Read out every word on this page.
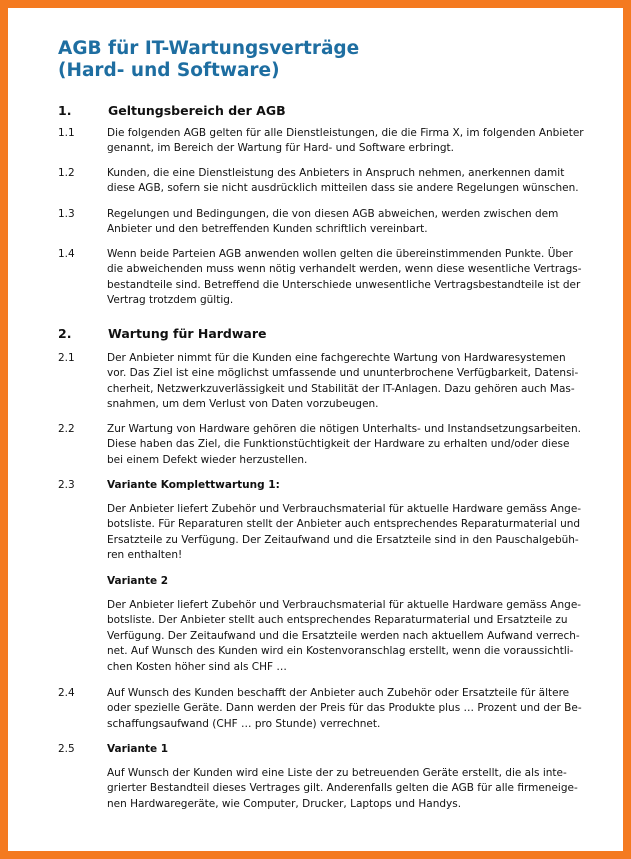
AGB für IT-Wartungsverträge
(Hard- und Software)
1.	Geltungsbereich der AGB
1.1	Die folgenden AGB gelten für alle Dienstleistungen, die die Firma X, im folgenden Anbieter
genannt, im Bereich der Wartung für Hard- und Software erbringt.
1.2	Kunden, die eine Dienstleistung des Anbieters in Anspruch nehmen, anerkennen damit
diese AGB, sofern sie nicht ausdrücklich mitteilen dass sie andere Regelungen wünschen.
1.3	Regelungen und Bedingungen, die von diesen AGB abweichen, werden zwischen dem
Anbieter und den betreffenden Kunden schriftlich vereinbart.
1.4	Wenn beide Parteien AGB anwenden wollen gelten die übereinstimmenden Punkte. Über
die abweichenden muss wenn nötig verhandelt werden, wenn diese wesentliche Vertrags-
bestandteile sind. Betreffend die Unterschiede unwesentliche Vertragsbestandteile ist der
Vertrag trotzdem gültig.
2.	Wartung für Hardware
2.1	Der Anbieter nimmt für die Kunden eine fachgerechte Wartung von Hardwaresystemen
vor. Das Ziel ist eine möglichst umfassende und ununterbrochene Verfügbarkeit, Datensi-
cherheit, Netzwerkzuverlässigkeit und Stabilität der IT-Anlagen. Dazu gehören auch Mas-
snahmen, um dem Verlust von Daten vorzubeugen.
2.2	Zur Wartung von Hardware gehören die nötigen Unterhalts- und Instandsetzungsarbeiten.
Diese haben das Ziel, die Funktionstüchtigkeit der Hardware zu erhalten und/oder diese
bei einem Defekt wieder herzustellen.
2.3	Variante Komplettwartung 1:
Der Anbieter liefert Zubehör und Verbrauchsmaterial für aktuelle Hardware gemäss Ange-
botsliste. Für Reparaturen stellt der Anbieter auch entsprechendes Reparaturmaterial und
Ersatzteile zu Verfügung. Der Zeitaufwand und die Ersatzteile sind in den Pauschalgebüh-
ren enthalten!
Variante 2
Der Anbieter liefert Zubehör und Verbrauchsmaterial für aktuelle Hardware gemäss Ange-
botsliste. Der Anbieter stellt auch entsprechendes Reparaturmaterial und Ersatzteile zu
Verfügung. Der Zeitaufwand und die Ersatzteile werden nach aktuellem Aufwand verrech-
net. Auf Wunsch des Kunden wird ein Kostenvoranschlag erstellt, wenn die voraussichtli-
chen Kosten höher sind als CHF …
2.4	Auf Wunsch des Kunden beschafft der Anbieter auch Zubehör oder Ersatzteile für ältere
oder spezielle Geräte. Dann werden der Preis für das Produkte plus … Prozent und der Be-
schaffungsaufwand (CHF … pro Stunde) verrechnet.
2.5	Variante 1
Auf Wunsch der Kunden wird eine Liste der zu betreuenden Geräte erstellt, die als inte-
grierter Bestandteil dieses Vertrages gilt. Anderenfalls gelten die AGB für alle firmeneige-
nen Hardwaregeräte, wie Computer, Drucker, Laptops und Handys.
